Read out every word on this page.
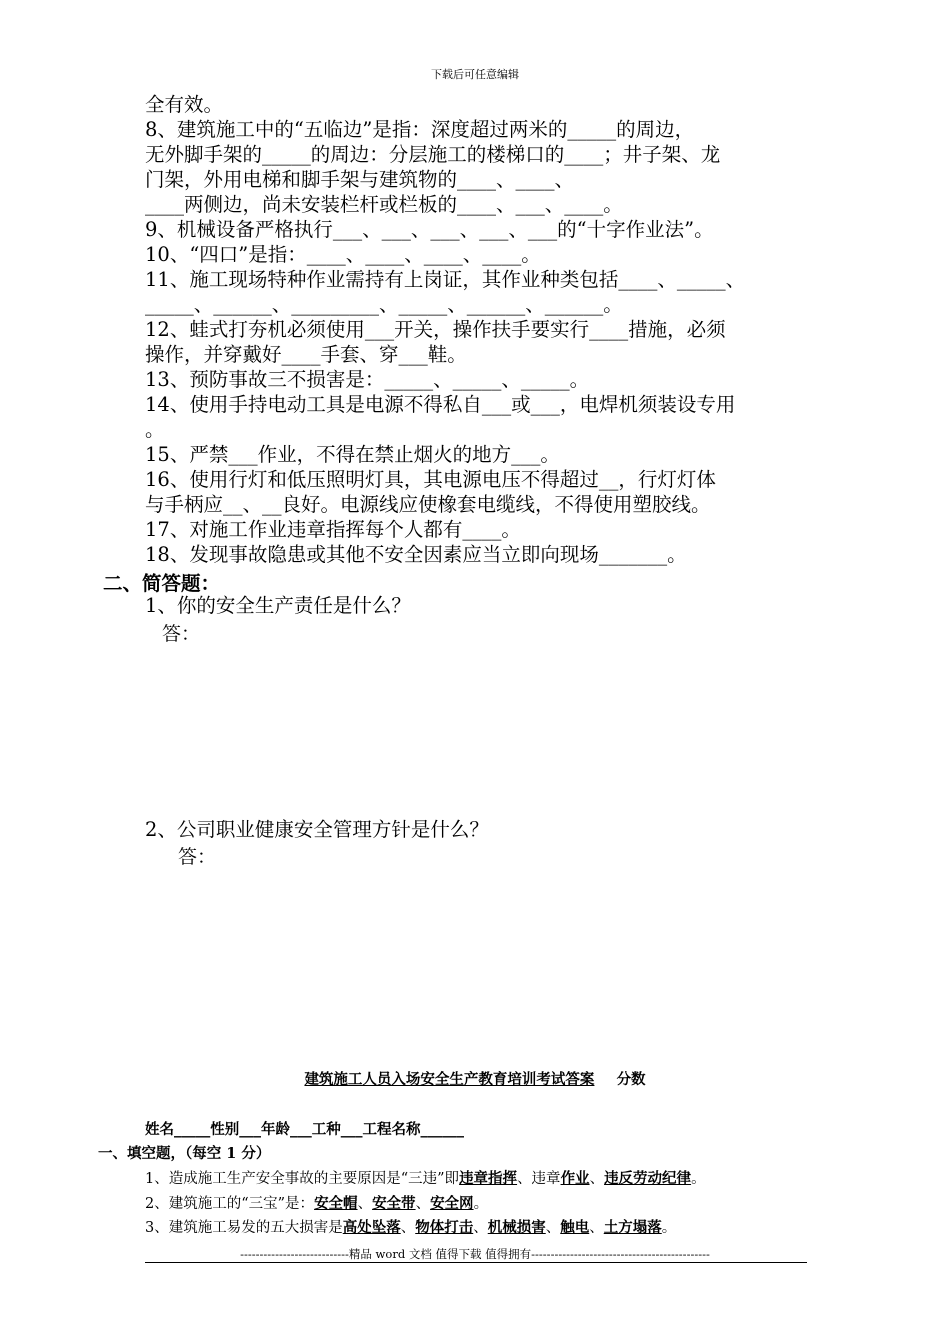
下载后可任意编辑
全有效。
8、建筑施工中的“五临边”是指：深度超过两米的_____的周边，
无外脚手架的_____的周边：分层施工的楼梯口的____；井子架、龙
门架，外用电梯和脚手架与建筑物的____、____、
____两侧边，尚未安装栏杆或栏板的____、___、____。
9、机械设备严格执行___、___、___、___、___的“十字作业法”。
10、“四口”是指：____、____、____、____。
11、施工现场特种作业需持有上岗证，其作业种类包括____、_____、
_____、______、_________、_____、______、______。
12、蛙式打夯机必须使用___开关，操作扶手要实行____措施，必须
操作，并穿戴好____手套、穿___鞋。
13、预防事故三不损害是：_____、_____、_____。
14、使用手持电动工具是电源不得私自___或___，电焊机须装设专用
。
15、严禁___作业，不得在禁止烟火的地方___。
16、使用行灯和低压照明灯具，其电源电压不得超过__，行灯灯体
与手柄应__、__良好。电源线应使橡套电缆线，不得使用塑胶线。
17、对施工作业违章指挥每个人都有____。
18、发现事故隐患或其他不安全因素应当立即向现场_______。
二、简答题：
1、你的安全生产责任是什么？
答：
2、公司职业健康安全管理方针是什么？
答：
建筑施工人员入场安全生产教育培训考试答案 分数
姓名_____性别___年龄___工种___工程名称______
一、填空题，（每空 1 分）
1、造成施工生产安全事故的主要原因是“三违”即违章指挥、违章作业、违反劳动纪律。
2、建筑施工的“三宝”是：安全帽、安全带、安全网。
3、建筑施工易发的五大损害是高处坠落、物体打击、机械损害、触电、土方塌落。
----------------------------精品 word 文档 值得下载 值得拥有----------------------------------------------
